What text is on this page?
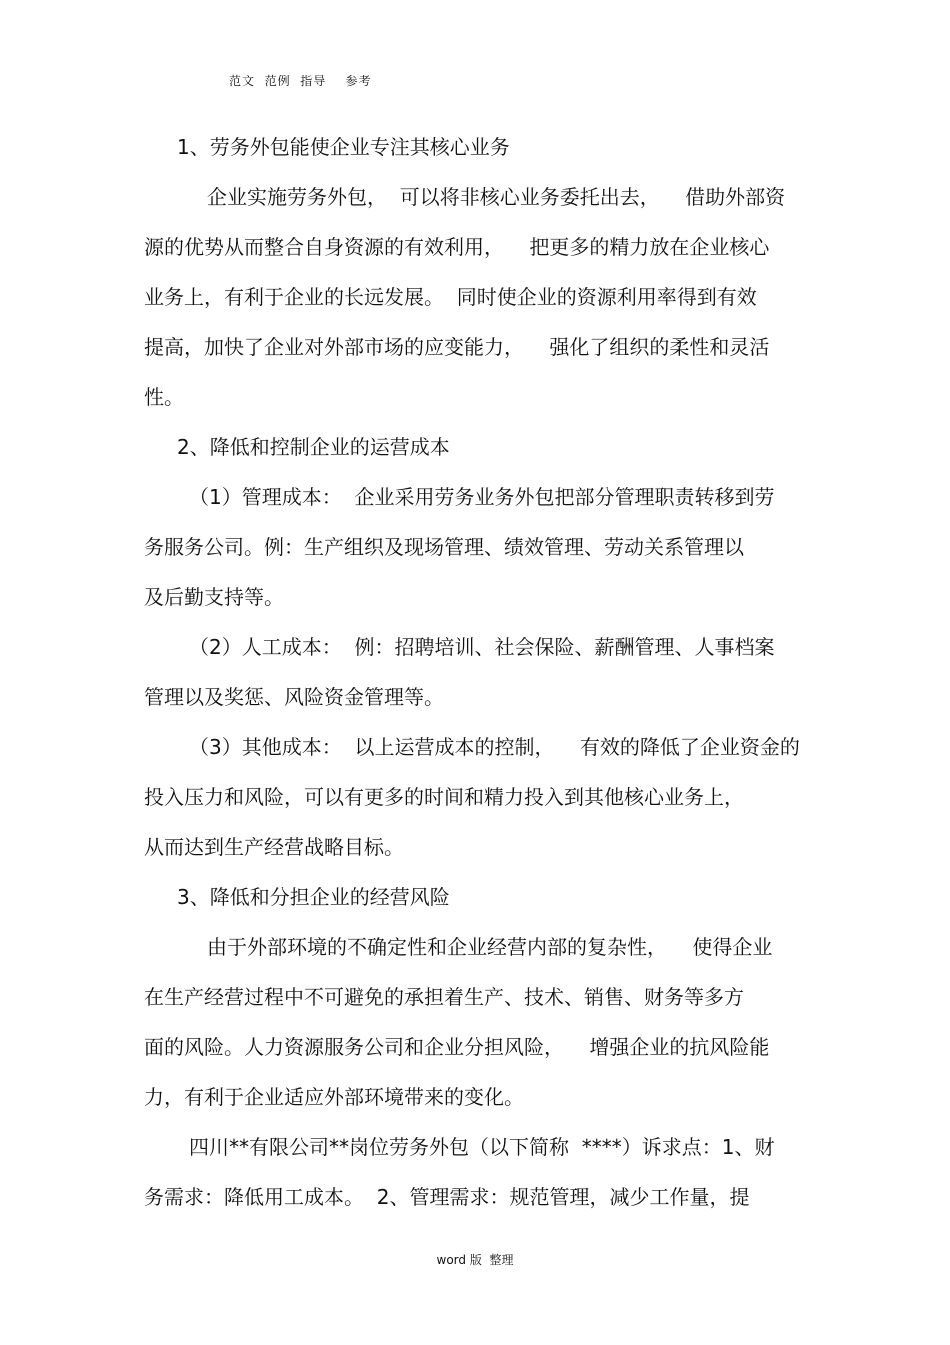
范文  范例  指导    参考
1、劳务外包能使企业专注其核心业务
企业实施劳务外包，  可以将非核心业务委托出去，    借助外部资
源的优势从而整合自身资源的有效利用，    把更多的精力放在企业核心
业务上，有利于企业的长远发展。  同时使企业的资源利用率得到有效
提高，加快了企业对外部市场的应变能力，    强化了组织的柔性和灵活
性。
2、降低和控制企业的运营成本
（1）管理成本：  企业采用劳务业务外包把部分管理职责转移到劳
务服务公司。例：生产组织及现场管理、绩效管理、劳动关系管理以
及后勤支持等。
（2）人工成本：  例：招聘培训、社会保险、薪酬管理、人事档案
管理以及奖惩、风险资金管理等。
（3）其他成本：  以上运营成本的控制，    有效的降低了企业资金的
投入压力和风险，可以有更多的时间和精力投入到其他核心业务上，
从而达到生产经营战略目标。
3、降低和分担企业的经营风险
由于外部环境的不确定性和企业经营内部的复杂性，    使得企业
在生产经营过程中不可避免的承担着生产、技术、销售、财务等多方
面的风险。人力资源服务公司和企业分担风险，    增强企业的抗风险能
力，有利于企业适应外部环境带来的变化。
四川**有限公司**岗位劳务外包（以下简称  ****）诉求点：1、财
务需求：降低用工成本。  2、管理需求：规范管理，减少工作量，提
word 版  整理
